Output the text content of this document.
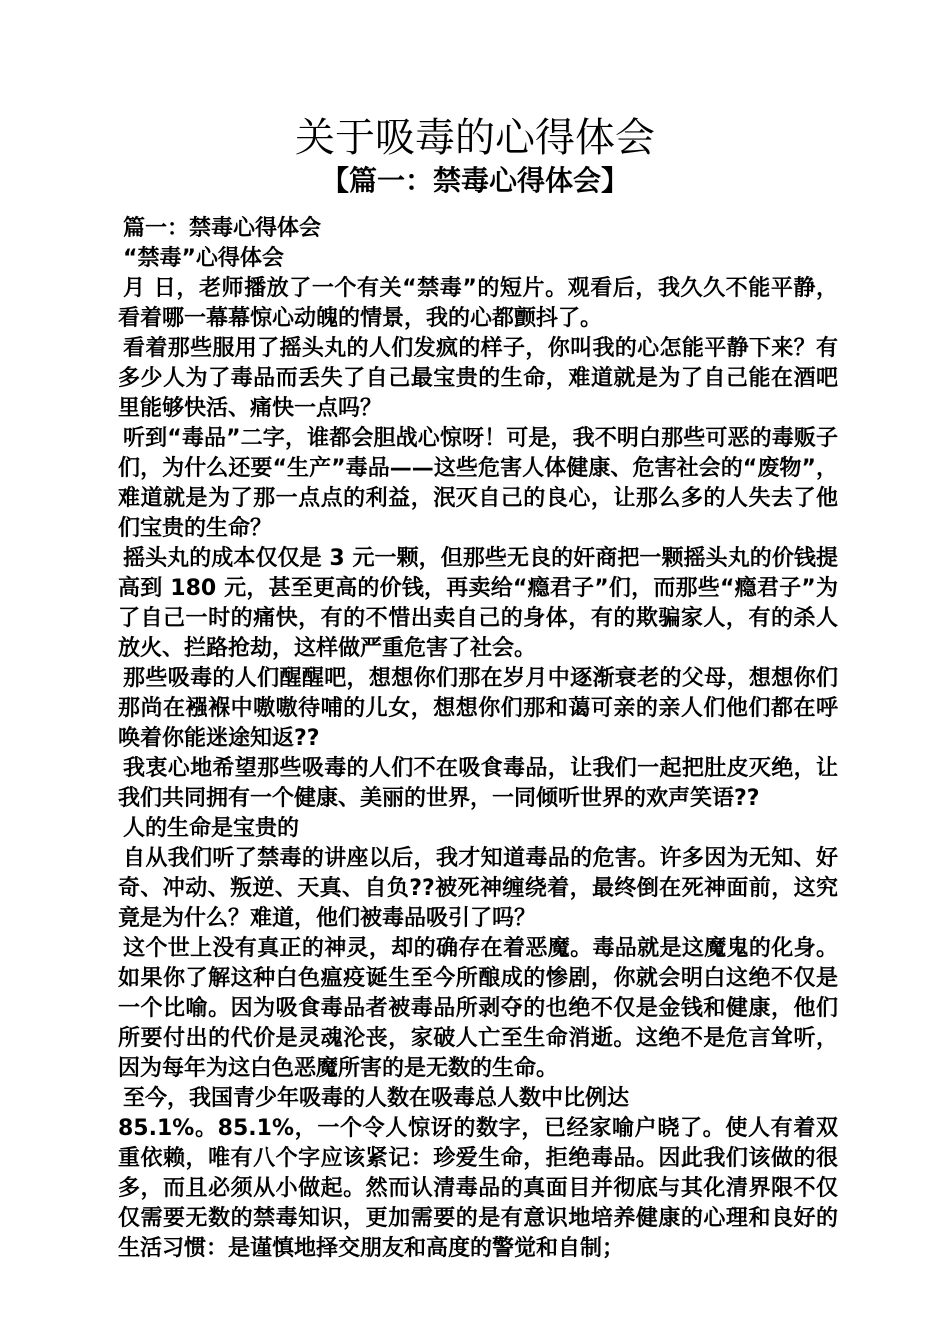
关于吸毒的心得体会
【篇一：禁毒心得体会】

篇一：禁毒心得体会

“禁毒”心得体会

月 日，老师播放了一个有关“禁毒”的短片。观看后，我久久不能平静，看着哪一幕幕惊心动魄的情景，我的心都颤抖了。

看着那些服用了摇头丸的人们发疯的样子，你叫我的心怎能平静下来？有多少人为了毒品而丢失了自己最宝贵的生命，难道就是为了自己能在酒吧里能够快活、痛快一点吗？

听到“毒品”二字，谁都会胆战心惊呀！可是，我不明白那些可恶的毒贩子们，为什么还要“生产”毒品——这些危害人体健康、危害社会的“废物”，难道就是为了那一点点的利益，泯灭自己的良心，让那么多的人失去了他们宝贵的生命？

摇头丸的成本仅仅是 3 元一颗，但那些无良的奸商把一颗摇头丸的价钱提高到 180 元，甚至更高的价钱，再卖给“瘾君子”们，而那些“瘾君子”为了自己一时的痛快，有的不惜出卖自己的身体，有的欺骗家人，有的杀人放火、拦路抢劫，这样做严重危害了社会。

那些吸毒的人们醒醒吧，想想你们那在岁月中逐渐衰老的父母，想想你们那尚在襁褓中嗷嗷待哺的儿女，想想你们那和蔼可亲的亲人们他们都在呼唤着你能迷途知返??

我衷心地希望那些吸毒的人们不在吸食毒品，让我们一起把肚皮灭绝，让我们共同拥有一个健康、美丽的世界，一同倾听世界的欢声笑语??

人的生命是宝贵的

自从我们听了禁毒的讲座以后，我才知道毒品的危害。许多因为无知、好奇、冲动、叛逆、天真、自负??被死神缠绕着，最终倒在死神面前，这究竟是为什么？难道，他们被毒品吸引了吗？

这个世上没有真正的神灵，却的确存在着恶魔。毒品就是这魔鬼的化身。如果你了解这种白色瘟疫诞生至今所酿成的惨剧，你就会明白这绝不仅是一个比喻。因为吸食毒品者被毒品所剥夺的也绝不仅是金钱和健康，他们所要付出的代价是灵魂沦丧，家破人亡至生命消逝。这绝不是危言耸听，因为每年为这白色恶魔所害的是无数的生命。

至今，我国青少年吸毒的人数在吸毒总人数中比例达

85.1%。85.1%，一个令人惊讶的数字，已经家喻户晓了。使人有着双重依赖，唯有八个字应该紧记：珍爱生命，拒绝毒品。因此我们该做的很多，而且必须从小做起。然而认清毒品的真面目并彻底与其化清界限不仅仅需要无数的禁毒知识，更加需要的是有意识地培养健康的心理和良好的生活习惯：是谨慎地择交朋友和高度的警觉和自制；
